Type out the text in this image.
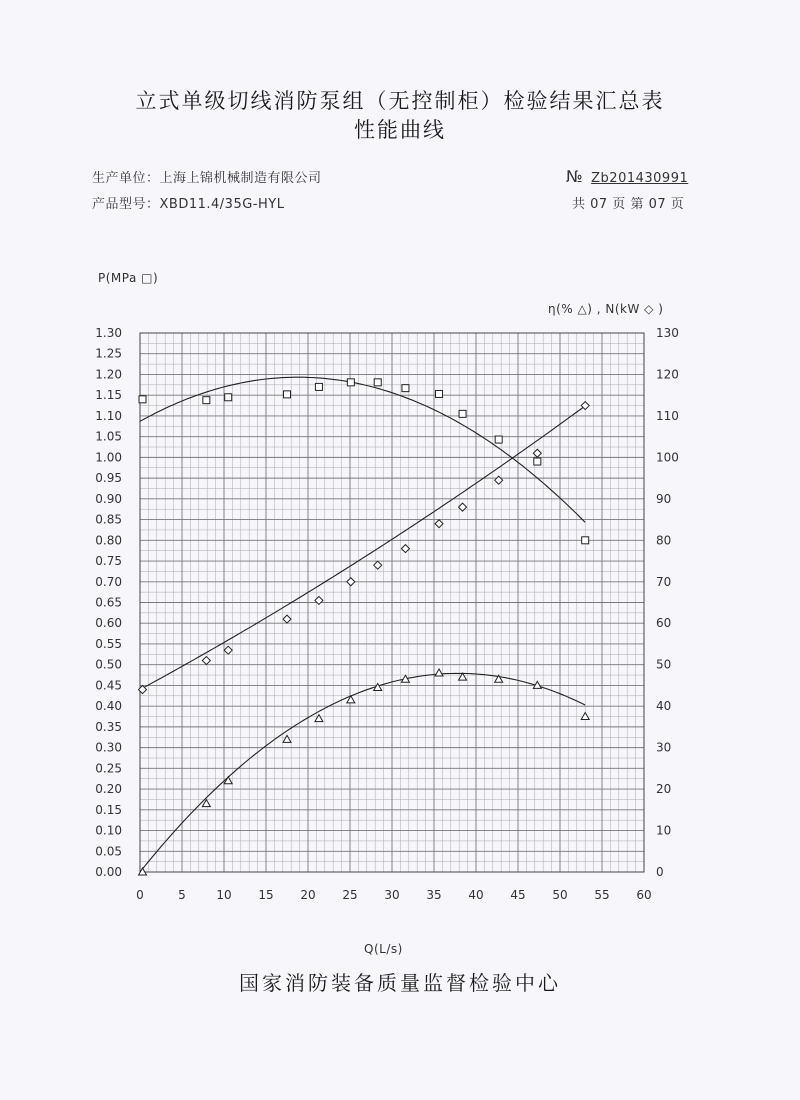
立式单级切线消防泵组（无控制柜）检验结果汇总表
性能曲线
生产单位：上海上锦机械制造有限公司
产品型号：XBD11.4/35G-HYL
№ Zb201430991
共 07 页 第 07 页
P(MPa □)
η(% △) , N(kW ◇ )
Q(L/s)
0	5	10 15 20 25 30 35 40 45 50 55 60
0.00
0.05
0.10
0.15
0.20
0.25
0.30
0.35
0.40
0.45
0.50
0.55
0.60
0.65
0.70
0.75
0.80
0.85
0.90
0.95
1.00
1.05
1.10
1.15
1.20
1.25
1.30
0
10
20
30
40
50
60
70
80
90
100
110
120
130
国家消防装备质量监督检验中心
